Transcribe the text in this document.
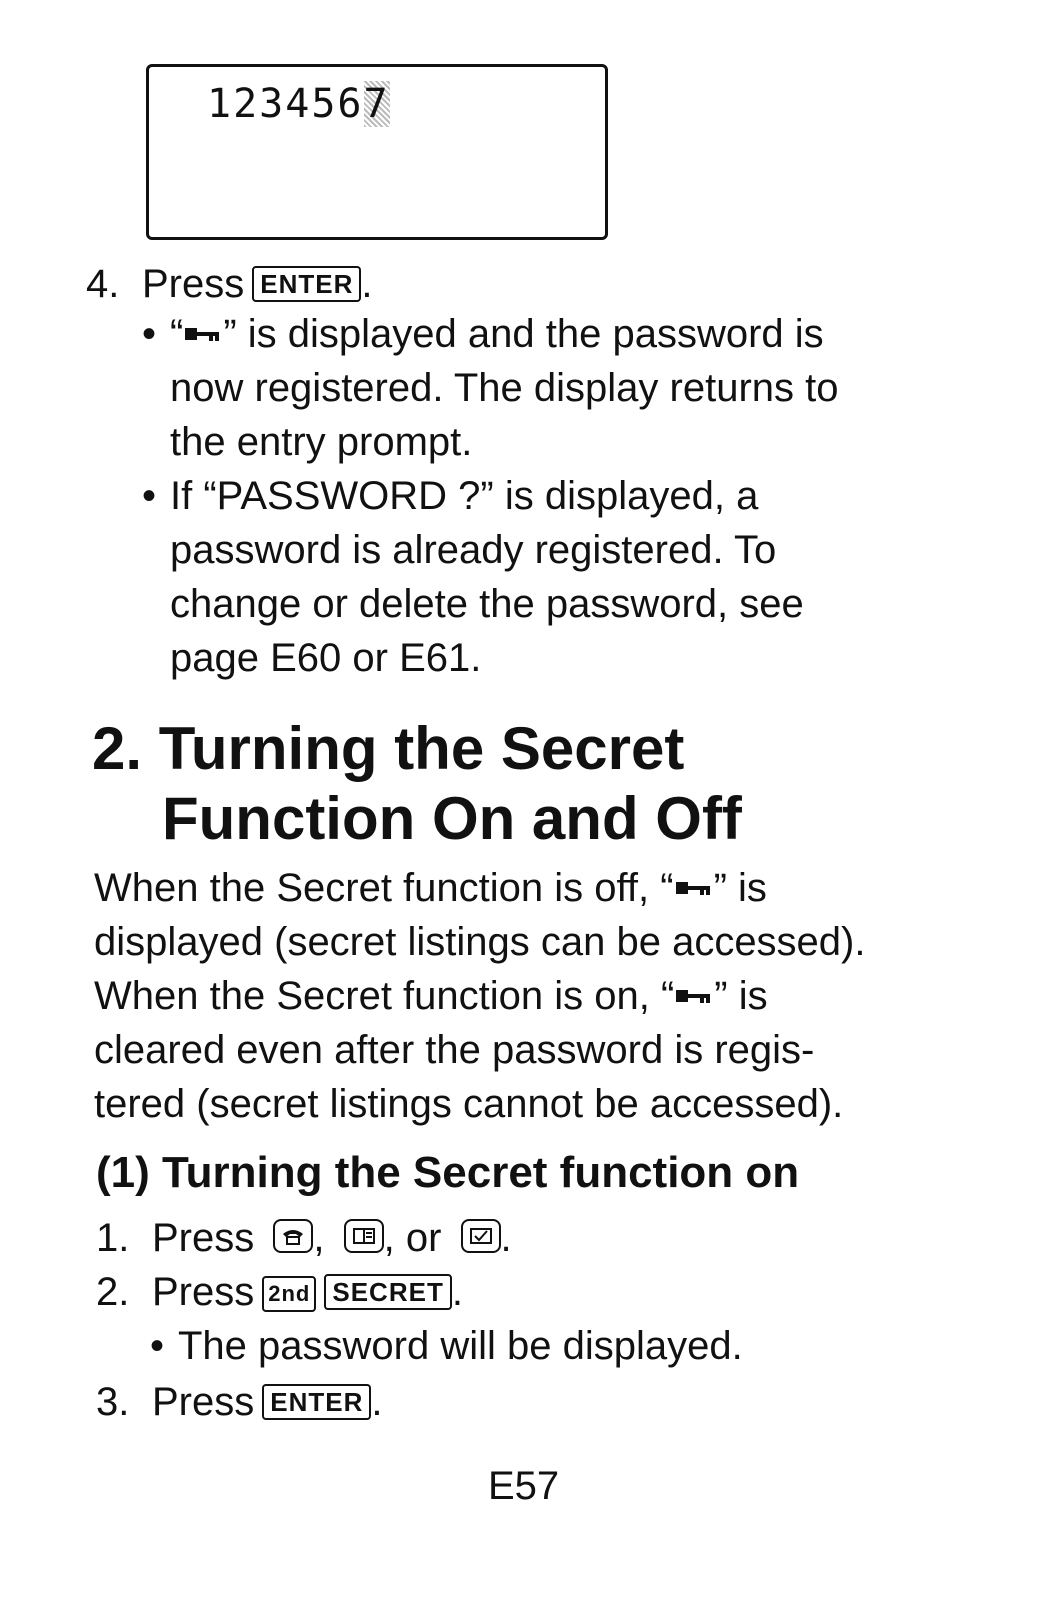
1234567
4. Press ENTER .
• “ ” is displayed and the password is
now registered. The display returns to
the entry prompt.
• If “PASSWORD ?” is displayed, a
password is already registered. To
change or delete the password, see
page E60 or E61.
2. Turning the Secret
Function On and Off
When the Secret function is off, “ ” is
displayed (secret listings can be accessed).
When the Secret function is on, “ ” is
cleared even after the password is regis-
tered (secret listings cannot be accessed).
(1) Turning the Secret function on
1. Press , , or .
2. Press 2nd SECRET .
• The password will be displayed.
3. Press ENTER .
E57
